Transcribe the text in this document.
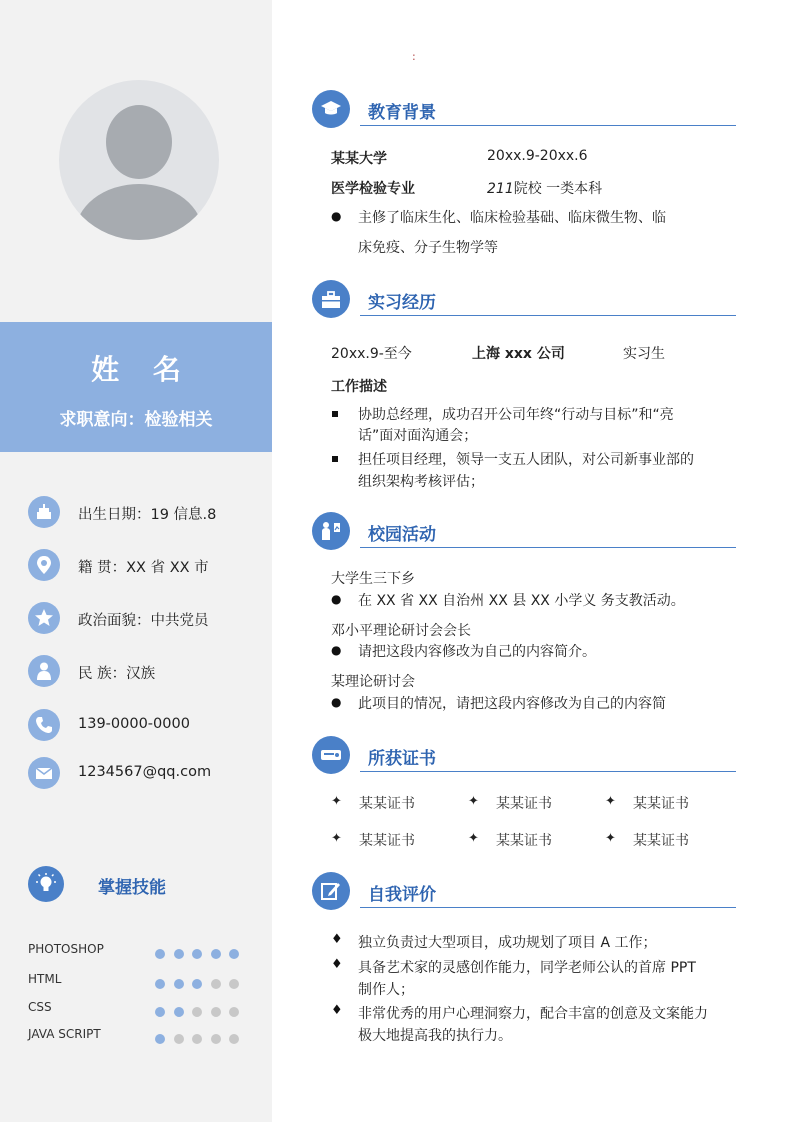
姓 名
求职意向：检验相关
出生日期：19 信息.8
籍 贯：XX 省 XX 市
政治面貌：中共党员
民 族：汉族
139-0000-0000
1234567@qq.com
掌握技能
PHOTOSHOP
HTML
CSS
JAVA SCRIPT
:
教育背景
某某大学	20xx.9-20xx.6
医学检验专业	211院校 一类本科
● 主修了临床生化、临床检验基础、临床微生物、临
床免疫、分子生物学等
实习经历
20xx.9-至今	上海 xxx 公司	实习生
工作描述
协助总经理，成功召开公司年终“行动与目标”和“亮
话”面对面沟通会；
担任项目经理，领导一支五人团队，对公司新事业部的
组织架构考核评估；
校园活动
大学生三下乡
● 在 XX 省 XX 自治州 XX 县 XX 小学义 务支教活动。
邓小平理论研讨会会长
● 请把这段内容修改为自己的内容简介。
某理论研讨会
● 此项目的情况，请把这段内容修改为自己的内容简
所获证书
✦ 某某证书	✦ 某某证书	✦ 某某证书
✦ 某某证书	✦ 某某证书	✦ 某某证书
自我评价
♦ 独立负责过大型项目，成功规划了项目 A 工作；
♦ 具备艺术家的灵感创作能力，同学老师公认的首席 PPT
制作人；
♦ 非常优秀的用户心理洞察力，配合丰富的创意及文案能力
极大地提高我的执行力。
